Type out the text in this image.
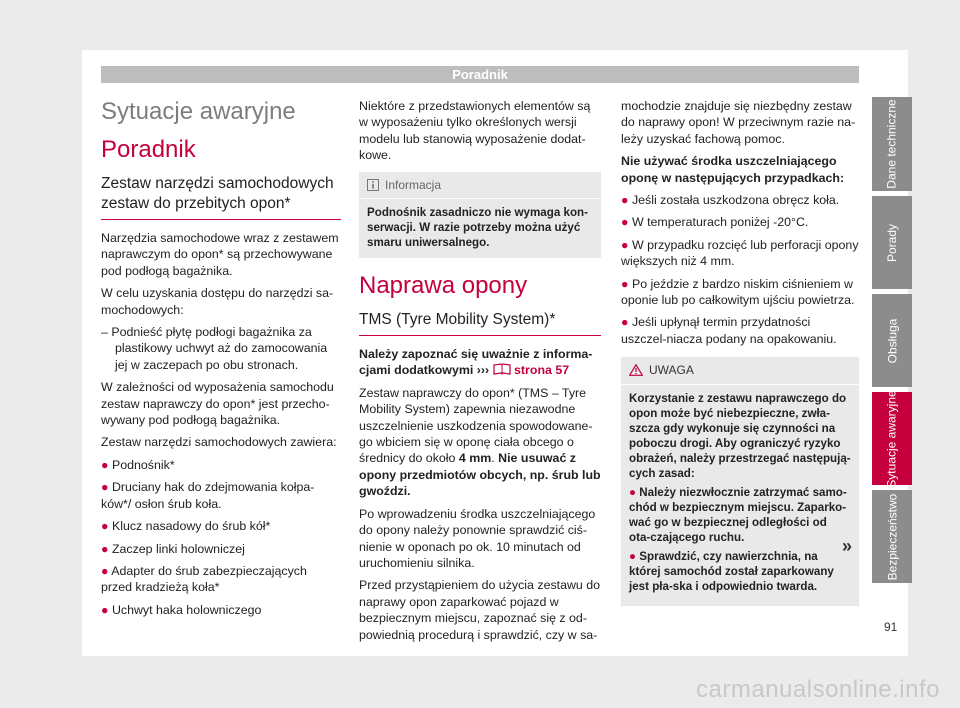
Poradnik
Sytuacje awaryjne
Poradnik
Zestaw narzędzi samochodowych zestaw do przebitych opon*

Narzędzia samochodowe wraz z zestawem naprawczym do opon* są przechowywane pod podłogą bagażnika.

W celu uzyskania dostępu do narzędzi sa-mochodowych:

– Podnieść płytę podłogi bagażnika za plastikowy uchwyt aż do zamocowania jej w zaczepach po obu stronach.

W zależności od wyposażenia samochodu zestaw naprawczy do opon* jest przecho-wywany pod podłogą bagażnika.

Zestaw narzędzi samochodowych zawiera:

● Podnośnik*

● Druciany hak do zdejmowania kołpa-ków*/ osłon śrub koła.

● Klucz nasadowy do śrub kół*

● Zaczep linki holowniczej

● Adapter do śrub zabezpieczających przed kradzieżą koła*

● Uchwyt haka holowniczego

Niektóre z przedstawionych elementów są w wyposażeniu tylko określonych wersji modelu lub stanowią wyposażenie dodat-kowe.

Informacja
Podnośnik zasadniczo nie wymaga kon-serwacji. W razie potrzeby można użyć smaru uniwersalnego.
Naprawa opony
TMS (Tyre Mobility System)*

Należy zapoznać się uważnie z informa-cjami dodatkowymi ››› strona 57

Zestaw naprawczy do opon* (TMS – Tyre Mobility System) zapewnia niezawodne uszczelnienie uszkodzenia spowodowane-go wbiciem się w oponę ciała obcego o średnicy do około 4 mm. Nie usuwać z opony przedmiotów obcych, np. śrub lub gwoździ.

Po wprowadzeniu środka uszczelniającego do opony należy ponownie sprawdzić ciś-nienie w oponach po ok. 10 minutach od uruchomieniu silnika.

Przed przystąpieniem do użycia zestawu do naprawy opon zaparkować pojazd w bezpiecznym miejscu, zapoznać się z od-powiednią procedurą i sprawdzić, czy w sa-

mochodzie znajduje się niezbędny zestaw do naprawy opon! W przeciwnym razie na-leży uzyskać fachową pomoc.

Nie używać środka uszczelniającego oponę w następujących przypadkach:

● Jeśli została uszkodzona obręcz koła.

● W temperaturach poniżej -20°C.

● W przypadku rozcięć lub perforacji opony większych niż 4 mm.

● Po jeździe z bardzo niskim ciśnieniem w oponie lub po całkowitym ujściu powietrza.

● Jeśli upłynął termin przydatności uszczel-niacza podany na opakowaniu.

UWAGA

Korzystanie z zestawu naprawczego do opon może być niebezpieczne, zwła-szcza gdy wykonuje się czynności na poboczu drogi. Aby ograniczyć ryzyko obrażeń, należy przestrzegać następują-cych zasad:

● Należy niezwłocznie zatrzymać samo-chód w bezpiecznym miejscu. Zaparko-wać go w bezpiecznej odległości od ota-czającego ruchu.

● Sprawdzić, czy nawierzchnia, na której samochód został zaparkowany jest pła-ska i odpowiednio twarda.

»
Dane techniczne
Porady
Obsługa
Sytuacje awaryjne
Bezpieczeństwo
91
carmanualsonline.info
